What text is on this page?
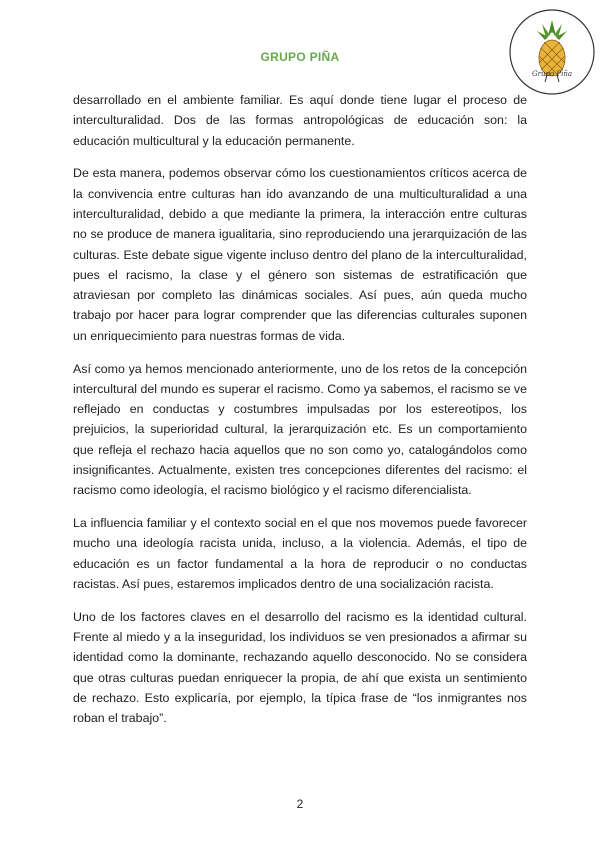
GRUPO PIÑA
Grupo Piña

desarrollado en el ambiente familiar. Es aquí donde tiene lugar el proceso de interculturalidad. Dos de las formas antropológicas de educación son: la educación multicultural y la educación permanente.

De esta manera, podemos observar cómo los cuestionamientos críticos acerca de la convivencia entre culturas han ido avanzando de una multiculturalidad a una interculturalidad, debido a que mediante la primera, la interacción entre culturas no se produce de manera igualitaria, sino reproduciendo una jerarquización de las culturas. Este debate sigue vigente incluso dentro del plano de la interculturalidad, pues el racismo, la clase y el género son sistemas de estratificación que atraviesan por completo las dinámicas sociales. Así pues, aún queda mucho trabajo por hacer para lograr comprender que las diferencias culturales suponen un enriquecimiento para nuestras formas de vida.

Así como ya hemos mencionado anteriormente, uno de los retos de la concepción intercultural del mundo es superar el racismo. Como ya sabemos, el racismo se ve reflejado en conductas y costumbres impulsadas por los estereotipos, los prejuicios, la superioridad cultural, la jerarquización etc. Es un comportamiento que refleja el rechazo hacia aquellos que no son como yo, catalogándolos como insignificantes. Actualmente, existen tres concepciones diferentes del racismo: el racismo como ideología, el racismo biológico y el racismo diferencialista.

La influencia familiar y el contexto social en el que nos movemos puede favorecer mucho una ideología racista unida, incluso, a la violencia. Además, el tipo de educación es un factor fundamental a la hora de reproducir o no conductas racistas. Así pues, estaremos implicados dentro de una socialización racista.

Uno de los factores claves en el desarrollo del racismo es la identidad cultural. Frente al miedo y a la inseguridad, los individuos se ven presionados a afirmar su identidad como la dominante, rechazando aquello desconocido. No se considera que otras culturas puedan enriquecer la propia, de ahí que exista un sentimiento de rechazo. Esto explicaría, por ejemplo, la típica frase de “los inmigrantes nos roban el trabajo”.

2
